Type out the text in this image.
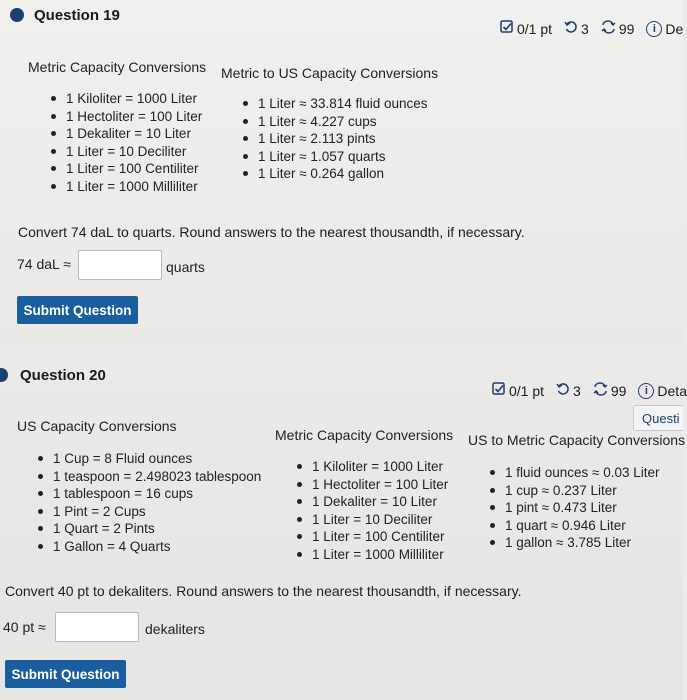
Question 19
0/1 pt 3 99	i De
Metric Capacity Conversions Metric to US Capacity Conversions
1 Kiloliter = 1000 Liter
1 Hectoliter = 100 Liter
1 Dekaliter = 10 Liter
1 Liter = 10 Deciliter
1 Liter = 100 Centiliter
1 Liter = 1000 Milliliter
1 Liter ≈ 33.814 fluid ounces
1 Liter ≈ 4.227 cups
1 Liter ≈ 2.113 pints
1 Liter ≈ 1.057 quarts
1 Liter ≈ 0.264 gallon
Convert 74 daL to quarts. Round answers to the nearest thousandth, if necessary.
74 daL ≈	quarts
Submit Question
Question 20
0/1 pt 3 99	i Deta
US Capacity Conversions
Metric Capacity Conversions US to Metric Capacity Conversions
1 Cup = 8 Fluid ounces
1 teaspoon = 2.498023 tablespoon
1 tablespoon = 16 cups
1 Pint = 2 Cups
1 Quart = 2 Pints
1 Gallon = 4 Quarts
1 Kiloliter = 1000 Liter
1 Hectoliter = 100 Liter
1 Dekaliter = 10 Liter
1 Liter = 10 Deciliter
1 Liter = 100 Centiliter
1 Liter = 1000 Milliliter
1 fluid ounces ≈ 0.03 Liter
1 cup ≈ 0.237 Liter
1 pint ≈ 0.473 Liter
1 quart ≈ 0.946 Liter
1 gallon ≈ 3.785 Liter
Convert 40 pt to dekaliters. Round answers to the nearest thousandth, if necessary.
40 pt ≈	dekaliters
Submit Question
Questi
